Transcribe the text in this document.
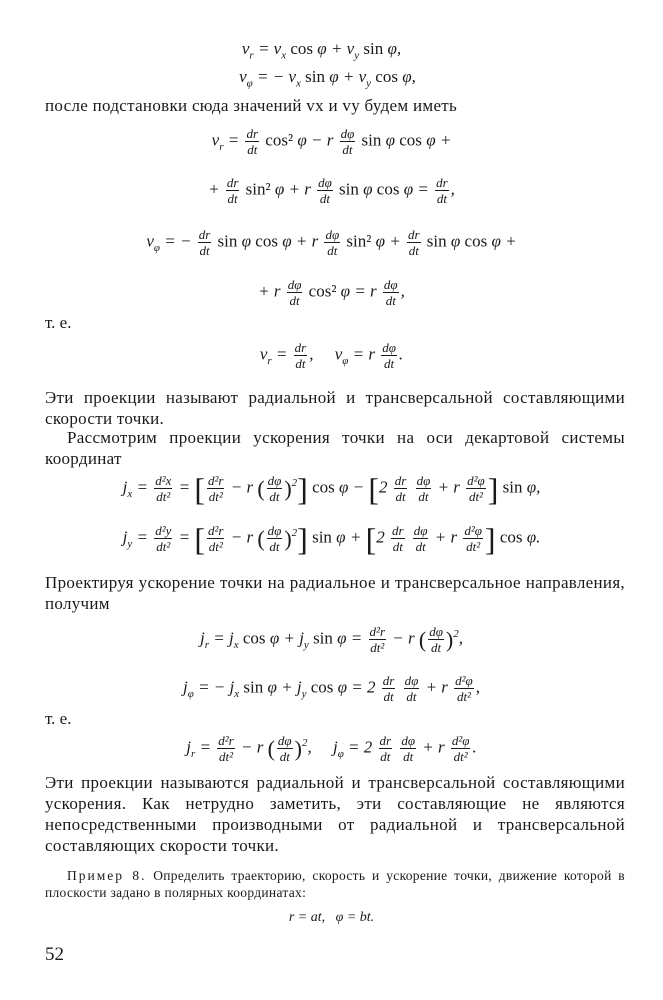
$v_r = v_x$ $\cos \varphi + v_y$ sin φ,
$v_\varphi$ = − $v_x$ $\sin \varphi + v_y$ cos φ,
после подстановки сюда значений vx и vy будем иметь
$v_r = \frac{dr}{dt} \cos^2$ φ − r $\frac{d\varphi}{dt}$ sin φ cos φ +
+ $\frac{dr}{dt} \sin^2$ φ + r $\frac{d\varphi}{dt}$ sin φ $\cos \varphi = \frac{dr}{dt}$ ,
$v_\varphi$ = − $\frac{dr}{dt}$ sin φ cos φ + r $\frac{d\varphi}{dt} \sin^2$ $\varphi + \frac{dr}{dt}$ sin φ cos φ +
+ r $\frac{d\varphi}{dt} \cos^2$ φ = r $\frac{d\varphi}{dt}$ ,
т. е.
$v_r = \frac{dr}{dt}$ ,     $v_\varphi = r \frac{d\varphi}{dt}$ .
Эти проекции называют радиальной и трансверсальной составляющими скорости точки.
Рассмотрим проекции ускорения точки на оси декартовой системы координат
$j_x = \frac{\text{d²x}}{\text{dt²}}$ = [ $\frac{\text{d²r}}{\text{dt²}} - r$ ( $\frac{d\varphi}{dt} )^2$] $\cos \varphi - [2 \frac{dr}{dt}$
$\frac{d\varphi}{dt} + r \frac{\text{d²φ}}{\text{dt²}}$ ] sin φ,
$j_y = \frac{\text{d²y}}{\text{dt²}}$ = [ $\frac{\text{d²r}}{\text{dt²}} - r$ ( $\frac{d\varphi}{dt} )^2$] $\sin \varphi + [2 \frac{dr}{dt}$
$\frac{d\varphi}{dt} + r \frac{\text{d²φ}}{\text{dt²}}$ ] cos φ.
Проектируя ускорение точки на радиальное и трансверсальное направления, получим
$j_r = j_x$ $\cos \varphi + j_y$ $\sin \varphi = \frac{\text{d²r}}{\text{dt²}} - r$ ( $\frac{d\varphi}{dt} )^2$,
$j_\varphi$ = − $j_x$ $\sin \varphi + j_y$ $\cos \varphi = 2 \frac{dr}{dt}$
$\frac{d\varphi}{dt} + r \frac{\text{d²φ}}{\text{dt²}}$ ,
т. е.
$j_r = \frac{\text{d²r}}{\text{dt²}} - r$ ( $\frac{d\varphi}{dt} )^2$,     $j_\varphi = 2 \frac{dr}{dt}$
$\frac{d\varphi}{dt} + r \frac{\text{d²φ}}{\text{dt²}}$ .
Эти проекции называются радиальной и трансверсальной составляющими ускорения. Как нетрудно заметить, эти составляющие не являются непосредственными производными от радиальной и трансверсальной составляющих скорости точки.
Пример 8. Определить траекторию, скорость и ускорение точки, движение которой в плоскости задано в полярных координатах:
r = at,   φ = bt.
52
